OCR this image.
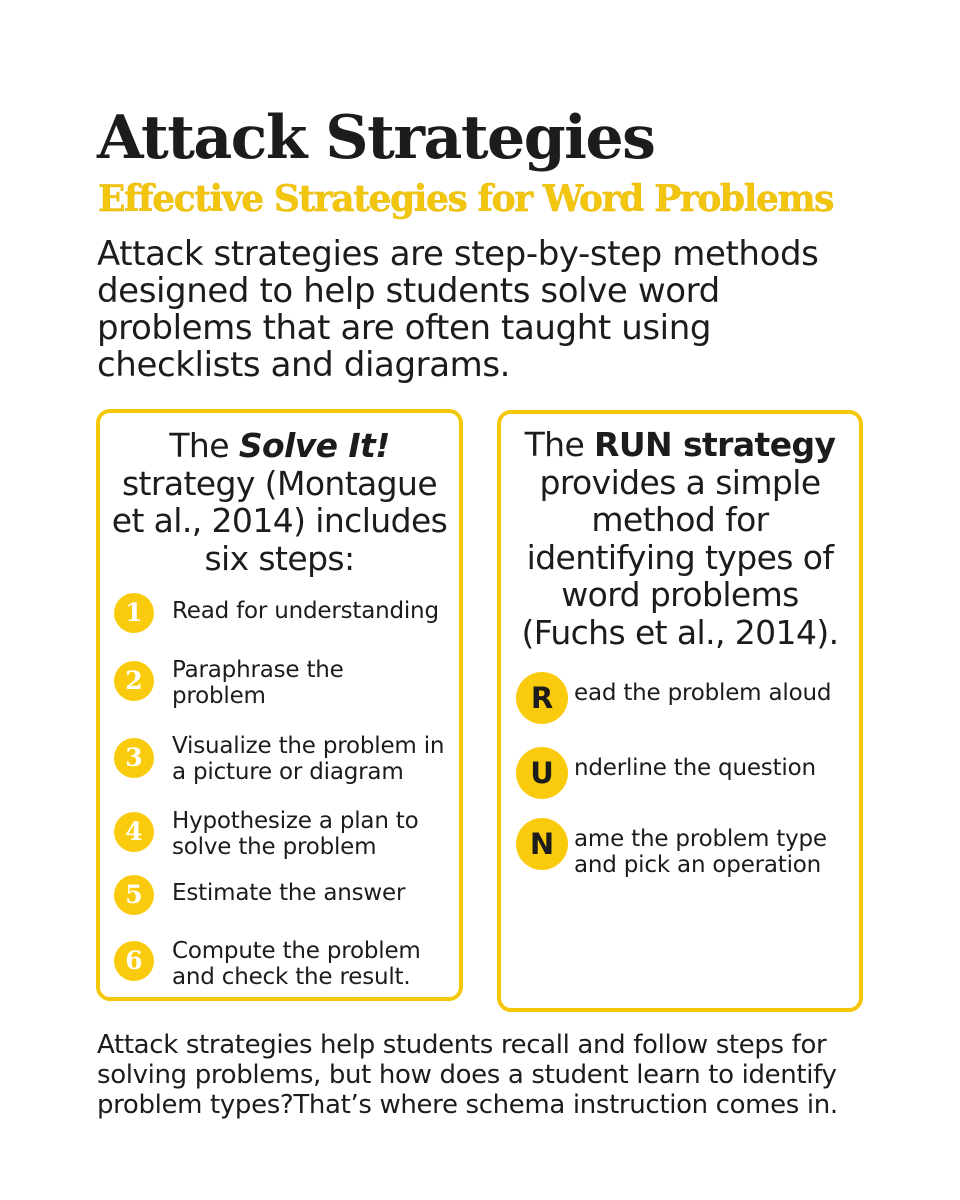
Attack Strategies
Effective Strategies for Word Problems

Attack strategies are step-by-step methods designed to help students solve word problems that are often taught using checklists and diagrams.

The Solve It! strategy (Montague et al., 2014) includes six steps:

1	Read for understanding
2	Paraphrase the problem
3	Visualize the problem in a picture or diagram
4	Hypothesize a plan to solve the problem
5	Estimate the answer
6	Compute the problem and check the result.

The RUN strategy provides a simple method for identifying types of word problems (Fuchs et al., 2014).

R ead the problem aloud
U nderline the question
N ame the problem type and pick an operation

Attack strategies help students recall and follow steps for solving problems, but how does a student learn to identify problem types?That’s where schema instruction comes in.
